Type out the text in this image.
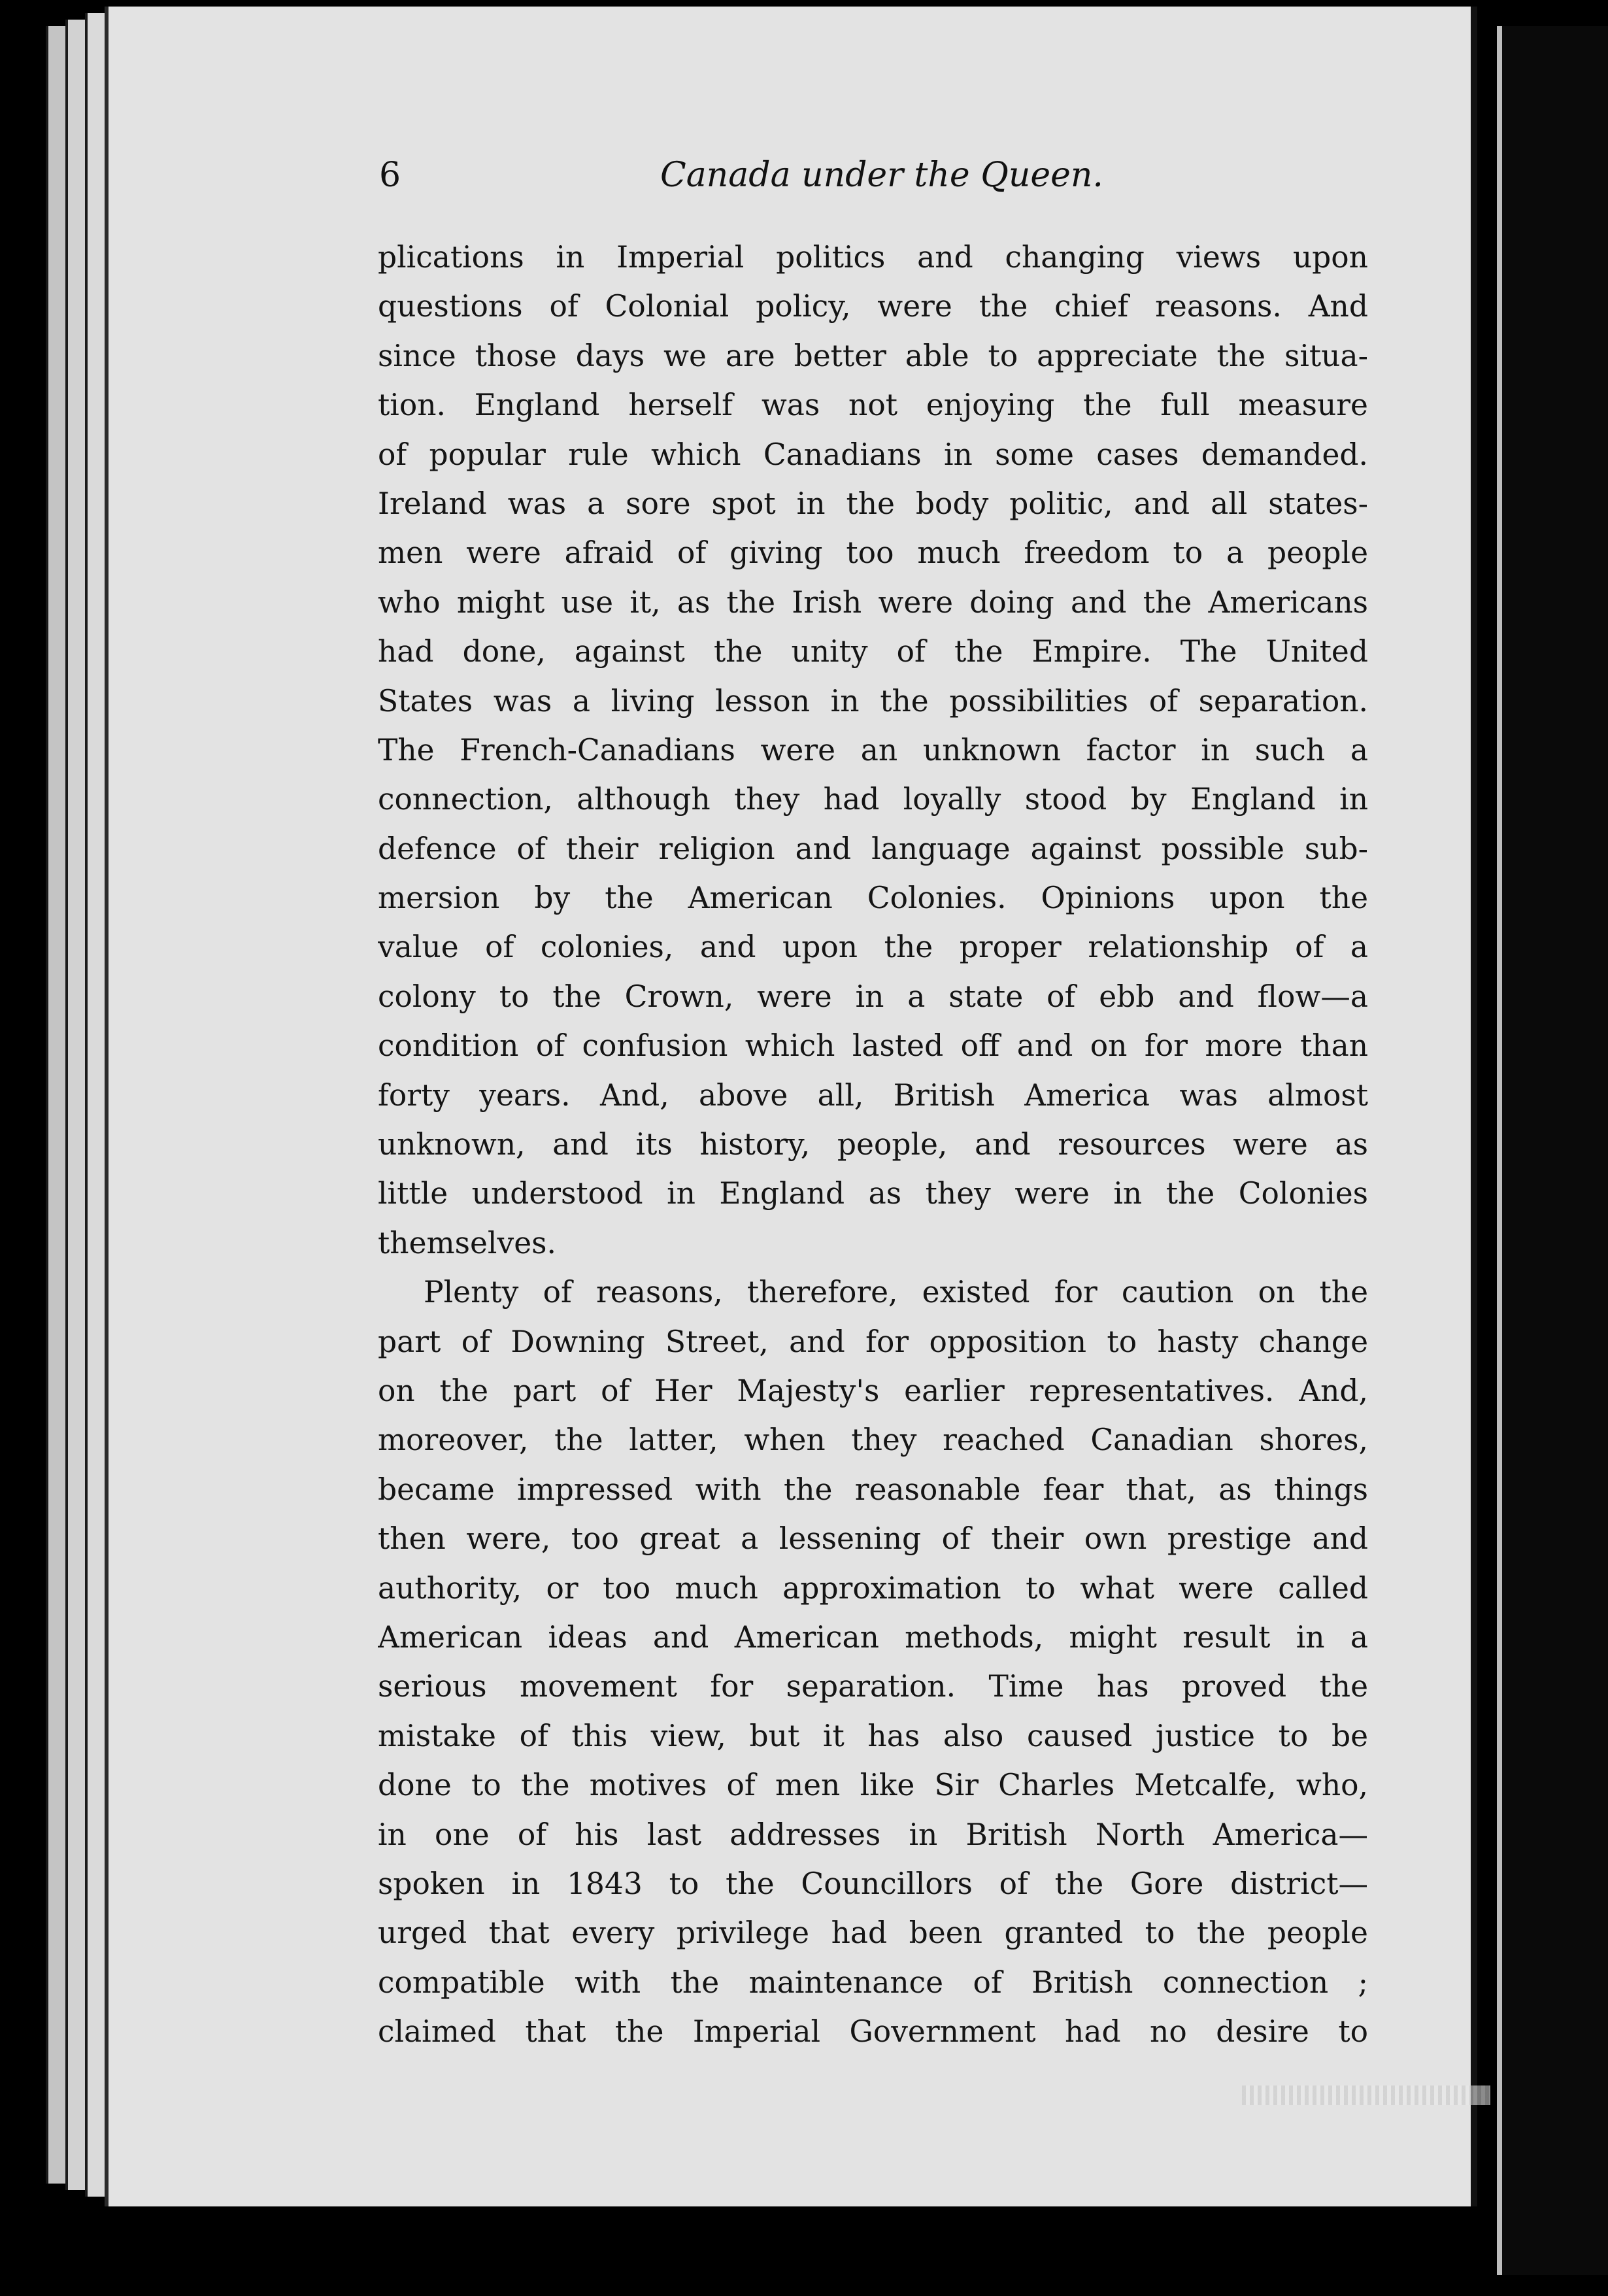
6	Canada under the Queen.
plications in Imperial politics and changing views upon
questions of Colonial policy, were the chief reasons. And
since those days we are better able to appreciate the situa-
tion. England herself was not enjoying the full measure
of popular rule which Canadians in some cases demanded.
Ireland was a sore spot in the body politic, and all states-
men were afraid of giving too much freedom to a people
who might use it, as the Irish were doing and the Americans
had done, against the unity of the Empire. The United
States was a living lesson in the possibilities of separation.
The French-Canadians were an unknown factor in such a
connection, although they had loyally stood by England in
defence of their religion and language against possible sub-
mersion by the American Colonies. Opinions upon the
value of colonies, and upon the proper relationship of a
colony to the Crown, were in a state of ebb and flow—a
condition of confusion which lasted off and on for more than
forty years. And, above all, British America was almost
unknown, and its history, people, and resources were as
little understood in England as they were in the Colonies
themselves.
Plenty of reasons, therefore, existed for caution on the
part of Downing Street, and for opposition to hasty change
on the part of Her Majesty's earlier representatives. And,
moreover, the latter, when they reached Canadian shores,
became impressed with the reasonable fear that, as things
then were, too great a lessening of their own prestige and
authority, or too much approximation to what were called
American ideas and American methods, might result in a
serious movement for separation. Time has proved the
mistake of this view, but it has also caused justice to be
done to the motives of men like Sir Charles Metcalfe, who,
in one of his last addresses in British North America—
spoken in 1843 to the Councillors of the Gore district—
urged that every privilege had been granted to the people
compatible with the maintenance of British connection ;
claimed that the Imperial Government had no desire to
